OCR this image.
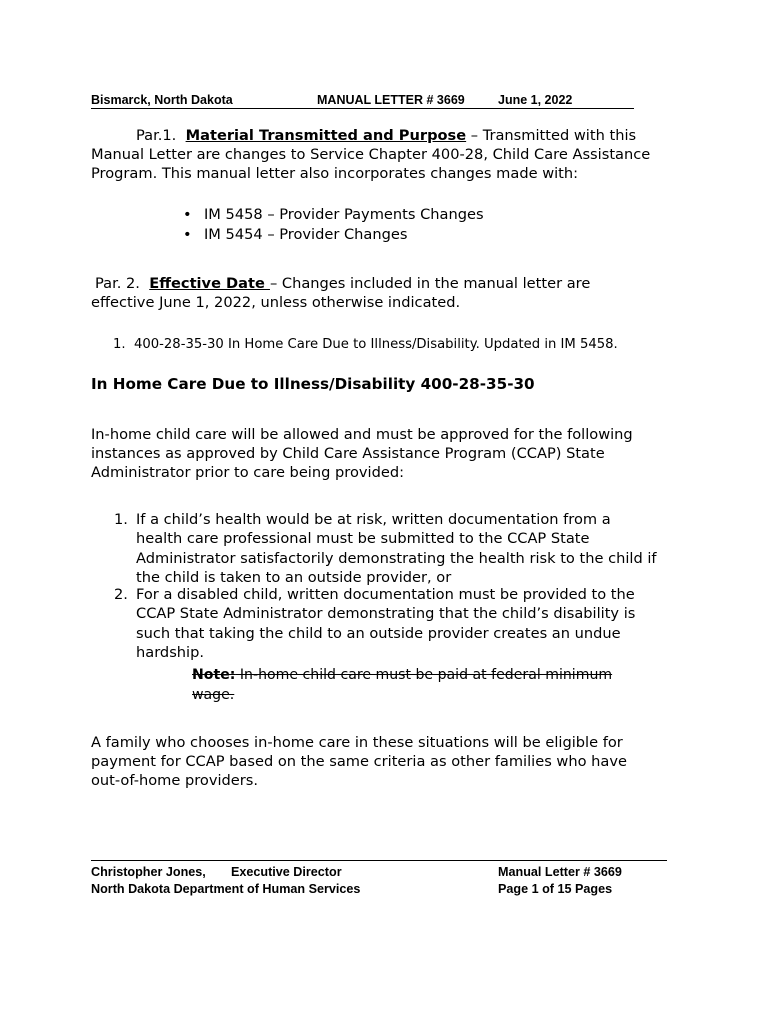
Bismarck, North Dakota	MANUAL LETTER # 3669	June 1, 2022
Par.1. Material Transmitted and Purpose – Transmitted with this
Manual Letter are changes to Service Chapter 400-28, Child Care Assistance
Program. This manual letter also incorporates changes made with:
• IM 5458 – Provider Payments Changes
• IM 5454 – Provider Changes
Par. 2. Effective Date – Changes included in the manual letter are
effective June 1, 2022, unless otherwise indicated.
1. 400-28-35-30 In Home Care Due to Illness/Disability. Updated in IM 5458.
In Home Care Due to Illness/Disability 400-28-35-30
In-home child care will be allowed and must be approved for the following
instances as approved by Child Care Assistance Program (CCAP) State
Administrator prior to care being provided:
1. If a child’s health would be at risk, written documentation from a
health care professional must be submitted to the CCAP State
Administrator satisfactorily demonstrating the health risk to the child if
the child is taken to an outside provider, or
2. For a disabled child, written documentation must be provided to the
CCAP State Administrator demonstrating that the child’s disability is
such that taking the child to an outside provider creates an undue
hardship.
Note: In-home child care must be paid at federal minimum
wage.
A family who chooses in-home care in these situations will be eligible for
payment for CCAP based on the same criteria as other families who have
out-of-home providers.
Christopher Jones, Executive Director
North Dakota Department of Human Services
Manual Letter # 3669
Page 1 of 15 Pages
